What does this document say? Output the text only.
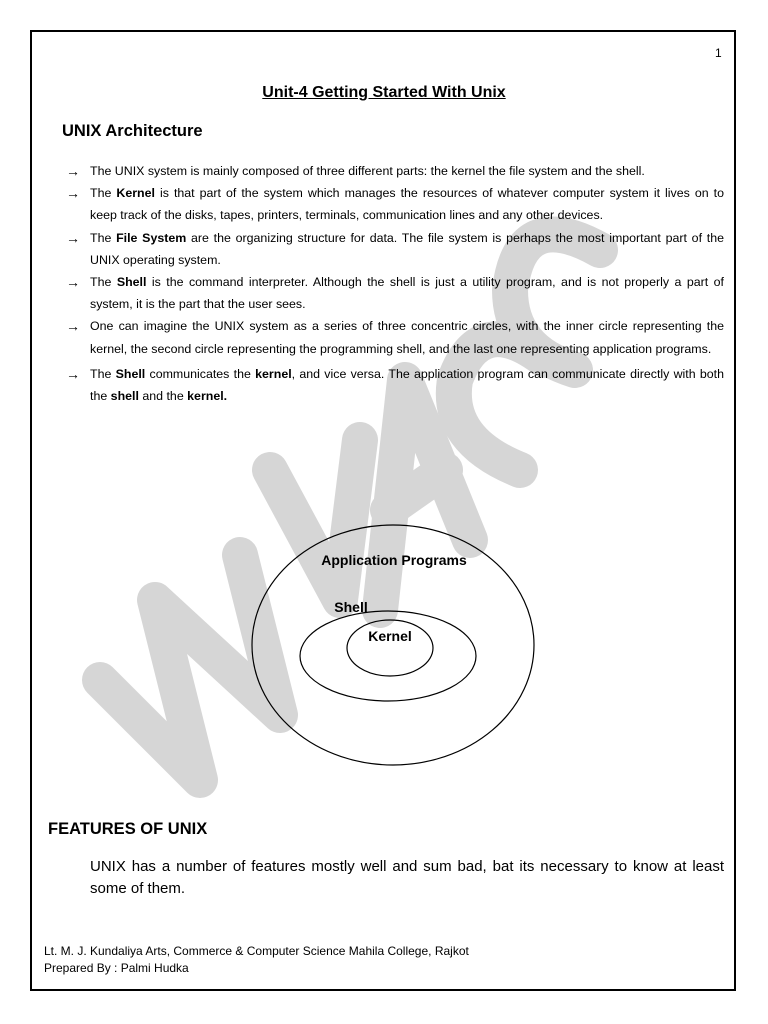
1
Unit-4 Getting Started With Unix
UNIX Architecture
→ The UNIX system is mainly composed of three different parts: the kernel the file system and the shell.
→ The Kernel is that part of the system which manages the resources of whatever computer system it lives on to keep track of the disks, tapes, printers, terminals, communication lines and any other devices.
→ The File System are the organizing structure for data. The file system is perhaps the most important part of the UNIX operating system.
→ The Shell is the command interpreter. Although the shell is just a utility program, and is not properly a part of system, it is the part that the user sees.
→ One can imagine the UNIX system as a series of three concentric circles, with the inner circle representing the kernel, the second circle representing the programming shell, and the last one representing application programs.
→ The Shell communicates the kernel, and vice versa. The application program can communicate directly with both the shell and the kernel.
Application Programs
Shell
Kernel
FEATURES OF UNIX
UNIX has a number of features mostly well and sum bad, bat its necessary to know at least some of them.
Lt. M. J. Kundaliya Arts, Commerce & Computer Science Mahila College, Rajkot
Prepared By : Palmi Hudka
